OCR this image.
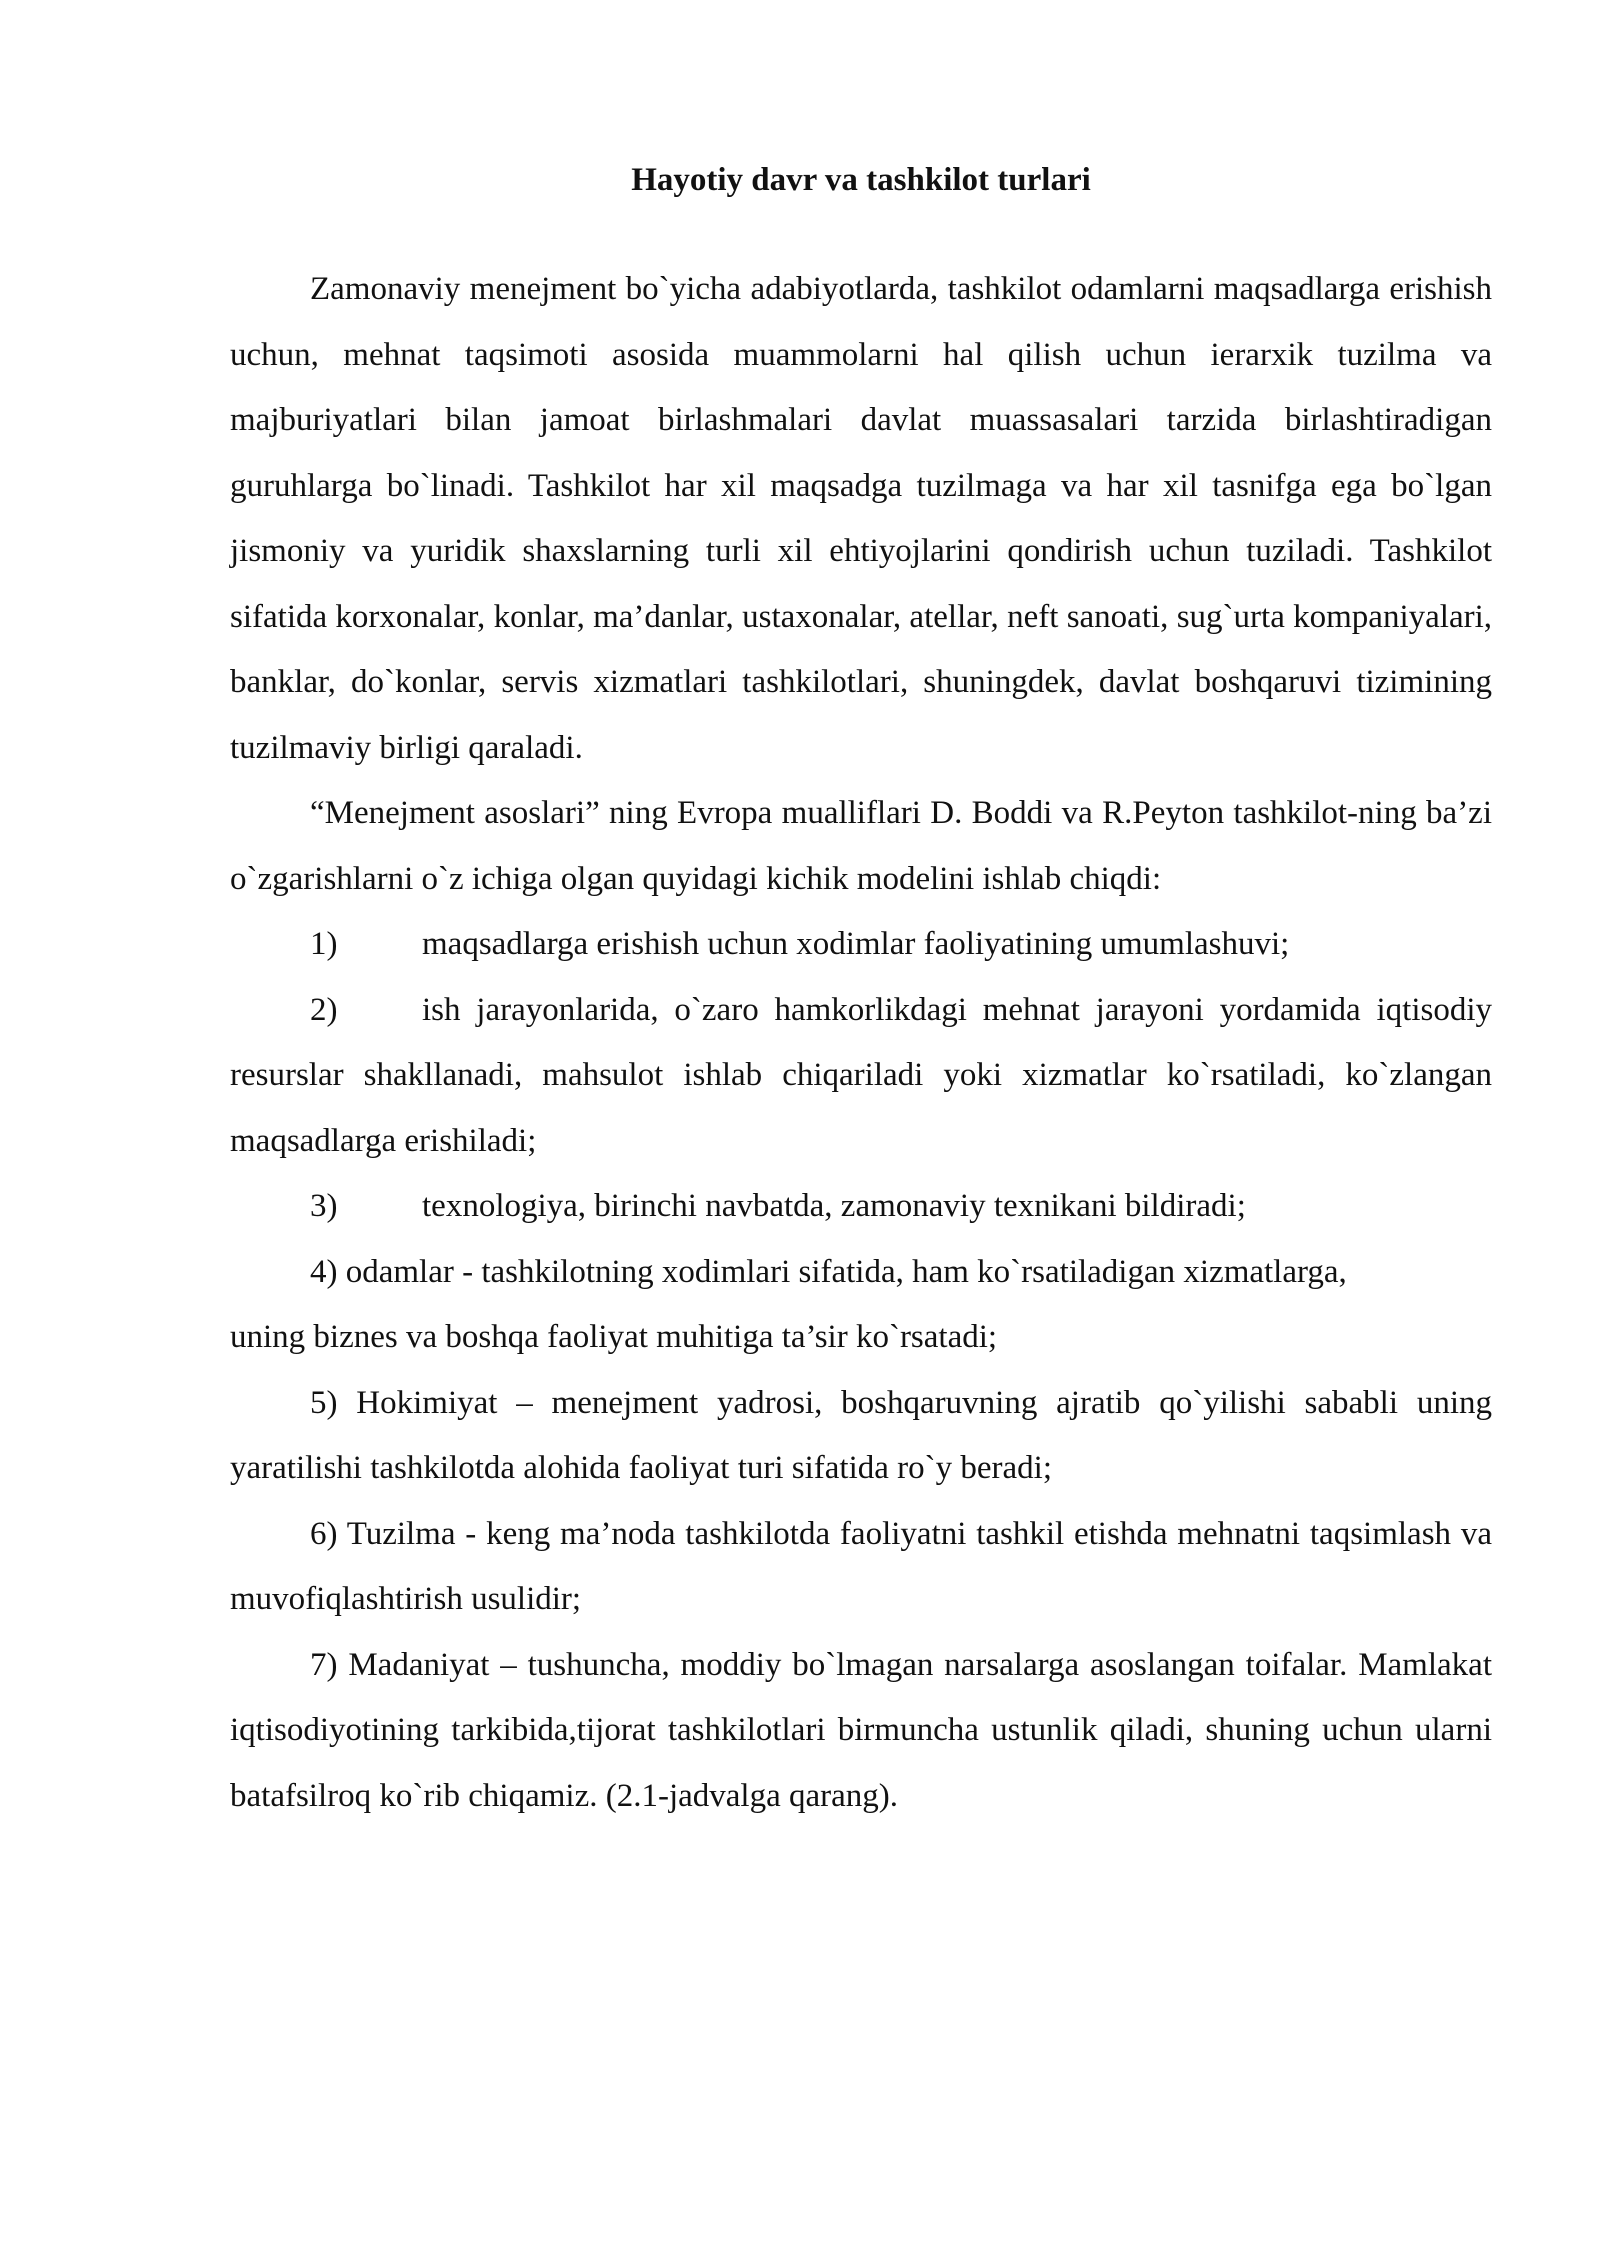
Hayotiy davr va tashkilot turlari

Zamonaviy menejment bo`yicha adabiyotlarda, tashkilot odamlarni maqsadlarga erishish uchun, mehnat taqsimoti asosida muammolarni hal qilish uchun ierarxik tuzilma va majburiyatlari bilan jamoat birlashmalari davlat muassasalari tarzida birlashtiradigan guruhlarga bo`linadi. Tashkilot har xil maqsadga tuzilmaga va har xil tasnifga ega bo`lgan jismoniy va yuridik shaxslarning turli xil ehtiyojlarini qondirish uchun tuziladi. Tashkilot sifatida korxonalar, konlar, ma’danlar, ustaxonalar, atellar, neft sanoati, sug`urta kompaniyalari, banklar, do`konlar, servis xizmatlari tashkilotlari, shuningdek, davlat boshqaruvi tizimining tuzilmaviy birligi qaraladi.

“Menejment asoslari” ning Evropa mualliflari D. Boddi va R.Peyton tashkilot-ning ba’zi o`zgarishlarni o`z ichiga olgan quyidagi kichik modelini ishlab chiqdi:

1)	maqsadlarga erishish uchun xodimlar faoliyatining umumlashuvi;

2)	ish jarayonlarida, o`zaro hamkorlikdagi mehnat jarayoni yordamida iqtisodiy resurslar shakllanadi, mahsulot ishlab chiqariladi yoki xizmatlar ko`rsatiladi, ko`zlangan maqsadlarga erishiladi;

3)	texnologiya, birinchi navbatda, zamonaviy texnikani bildiradi;

4) odamlar - tashkilotning xodimlari sifatida, ham ko`rsatiladigan xizmatlarga,

uning biznes va boshqa faoliyat muhitiga ta’sir ko`rsatadi;

5) Hokimiyat – menejment yadrosi, boshqaruvning ajratib qo`yilishi sababli uning yaratilishi tashkilotda alohida faoliyat turi sifatida ro`y beradi;

6) Tuzilma - keng ma’noda tashkilotda faoliyatni tashkil etishda mehnatni taqsimlash va muvofiqlashtirish usulidir;

7) Madaniyat – tushuncha, moddiy bo`lmagan narsalarga asoslangan toifalar. Mamlakat iqtisodiyotining tarkibida,tijorat tashkilotlari birmuncha ustunlik qiladi, shuning uchun ularni batafsilroq ko`rib chiqamiz. (2.1-jadvalga qarang).
